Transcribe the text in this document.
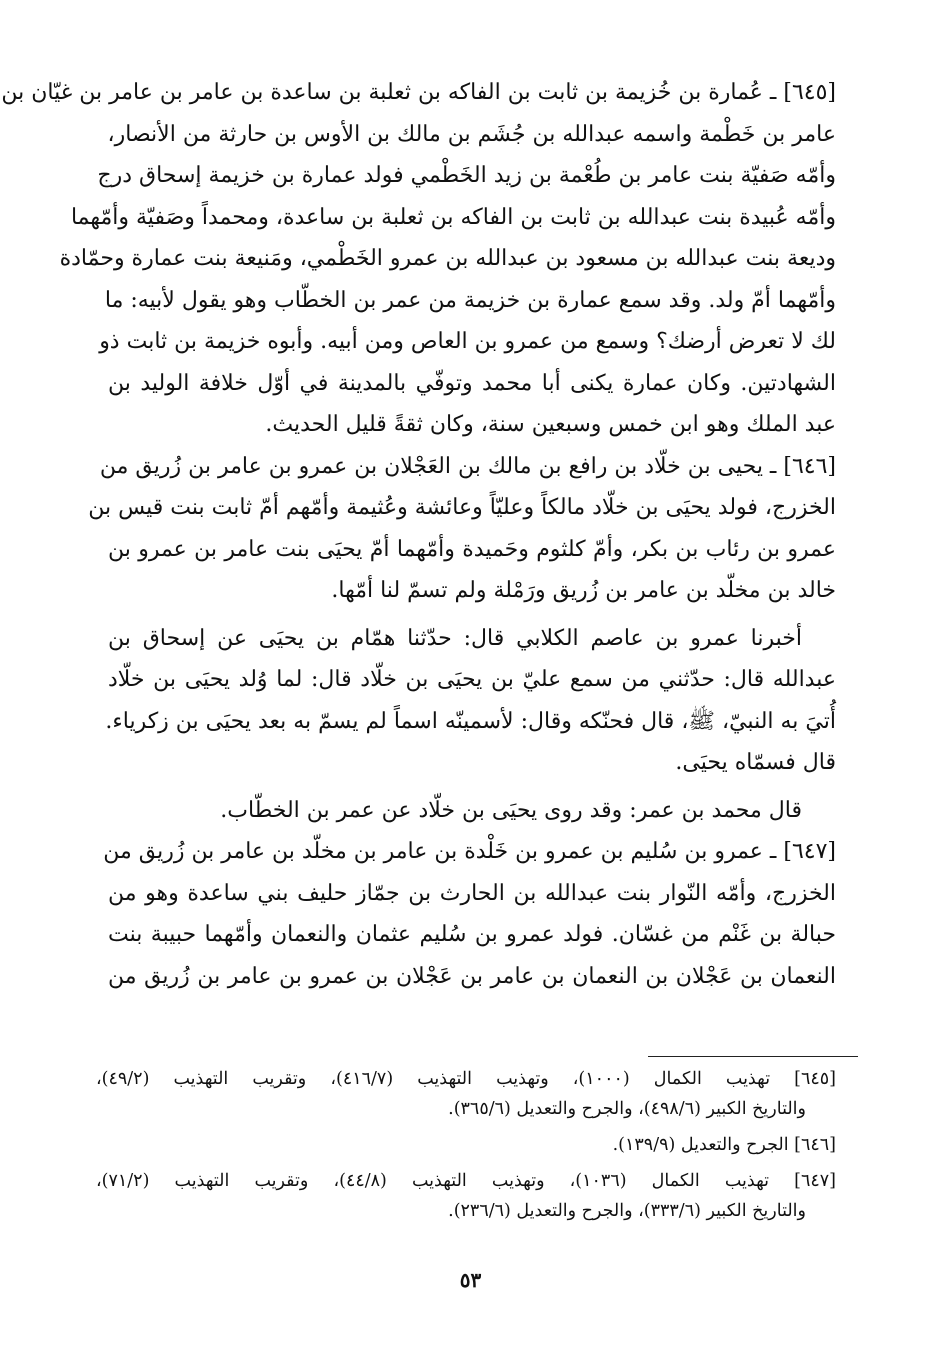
[٦٤٥] ـ عُمارة بن خُزيمة بن ثابت بن الفاكه بن ثعلبة بن ساعدة بن عامر بن عامر بن غيّان بن
عامر بن خَطْمة واسمه عبدالله بن جُشَم بن مالك بن الأوس بن حارثة من الأنصار،
وأمّه صَفيّة بنت عامر بن طُعْمة بن زيد الخَطْمي فولد عمارة بن خزيمة إسحاق درج
وأمّه عُبيدة بنت عبدالله بن ثابت بن الفاكه بن ثعلبة بن ساعدة، ومحمداً وصَفيّة وأمّهما
وديعة بنت عبدالله بن مسعود بن عبدالله بن عمرو الخَطْمي، ومَنيعة بنت عمارة وحمّادة
وأمّهما أمّ ولد. وقد سمع عمارة بن خزيمة من عمر بن الخطّاب وهو يقول لأبيه: ما
لك لا تعرض أرضك؟ وسمع من عمرو بن العاص ومن أبيه. وأبوه خزيمة بن ثابت ذو
الشهادتين. وكان عمارة يكنى أبا محمد وتوفّي بالمدينة في أوّل خلافة الوليد بن
عبد الملك وهو ابن خمس وسبعين سنة، وكان ثقةً قليل الحديث.
[٦٤٦] ـ يحيى بن خلّاد بن رافع بن مالك بن العَجْلان بن عمرو بن عامر بن زُريق من
الخزرج، فولد يحيَى بن خلّاد مالكاً وعليّاً وعائشة وعُثيمة وأمّهم أمّ ثابت بنت قيس بن
عمرو بن رئاب بن بكر، وأمّ كلثوم وحَميدة وأمّهما أمّ يحيَى بنت عامر بن عمرو بن
خالد بن مخلّد بن عامر بن زُريق ورَمْلة ولم تسمّ لنا أمّها.
أخبرنا عمرو بن عاصم الكلابي قال: حدّثنا همّام بن يحيَى عن إسحاق بن
عبدالله قال: حدّثني من سمع عليّ بن يحيَى بن خلّاد قال: لما وُلد يحيَى بن خلّاد
أُتيَ به النبيّ، ﷺ، قال فحنّكه وقال: لأسمينّه اسماً لم يسمّ به بعد يحيَى بن زكرياء.
قال فسمّاه يحيَى.
قال محمد بن عمر: وقد روى يحيَى بن خلّاد عن عمر بن الخطّاب.
[٦٤٧] ـ عمرو بن سُليم بن عمرو بن خَلْدة بن عامر بن مخلّد بن عامر بن زُريق من
الخزرج، وأمّه النّوار بنت عبدالله بن الحارث بن جمّاز حليف بني ساعدة وهو من
حبالة بن غَنْم من غسّان. فولد عمرو بن سُليم عثمان والنعمان وأمّهما حبيبة بنت
النعمان بن عَجْلان بن النعمان بن عامر بن عَجْلان بن عمرو بن عامر بن زُريق من
[٦٤٥] تهذيب الكمال (١٠٠٠)، وتهذيب التهذيب (٤١٦/٧)، وتقريب التهذيب (٤٩/٢)،
والتاريخ الكبير (٤٩٨/٦)، والجرح والتعديل (٣٦٥/٦).
[٦٤٦] الجرح والتعديل (١٣٩/٩).
[٦٤٧] تهذيب الكمال (١٠٣٦)، وتهذيب التهذيب (٤٤/٨)، وتقريب التهذيب (٧١/٢)،
والتاريخ الكبير (٣٣٣/٦)، والجرح والتعديل (٢٣٦/٦).
٥٣
